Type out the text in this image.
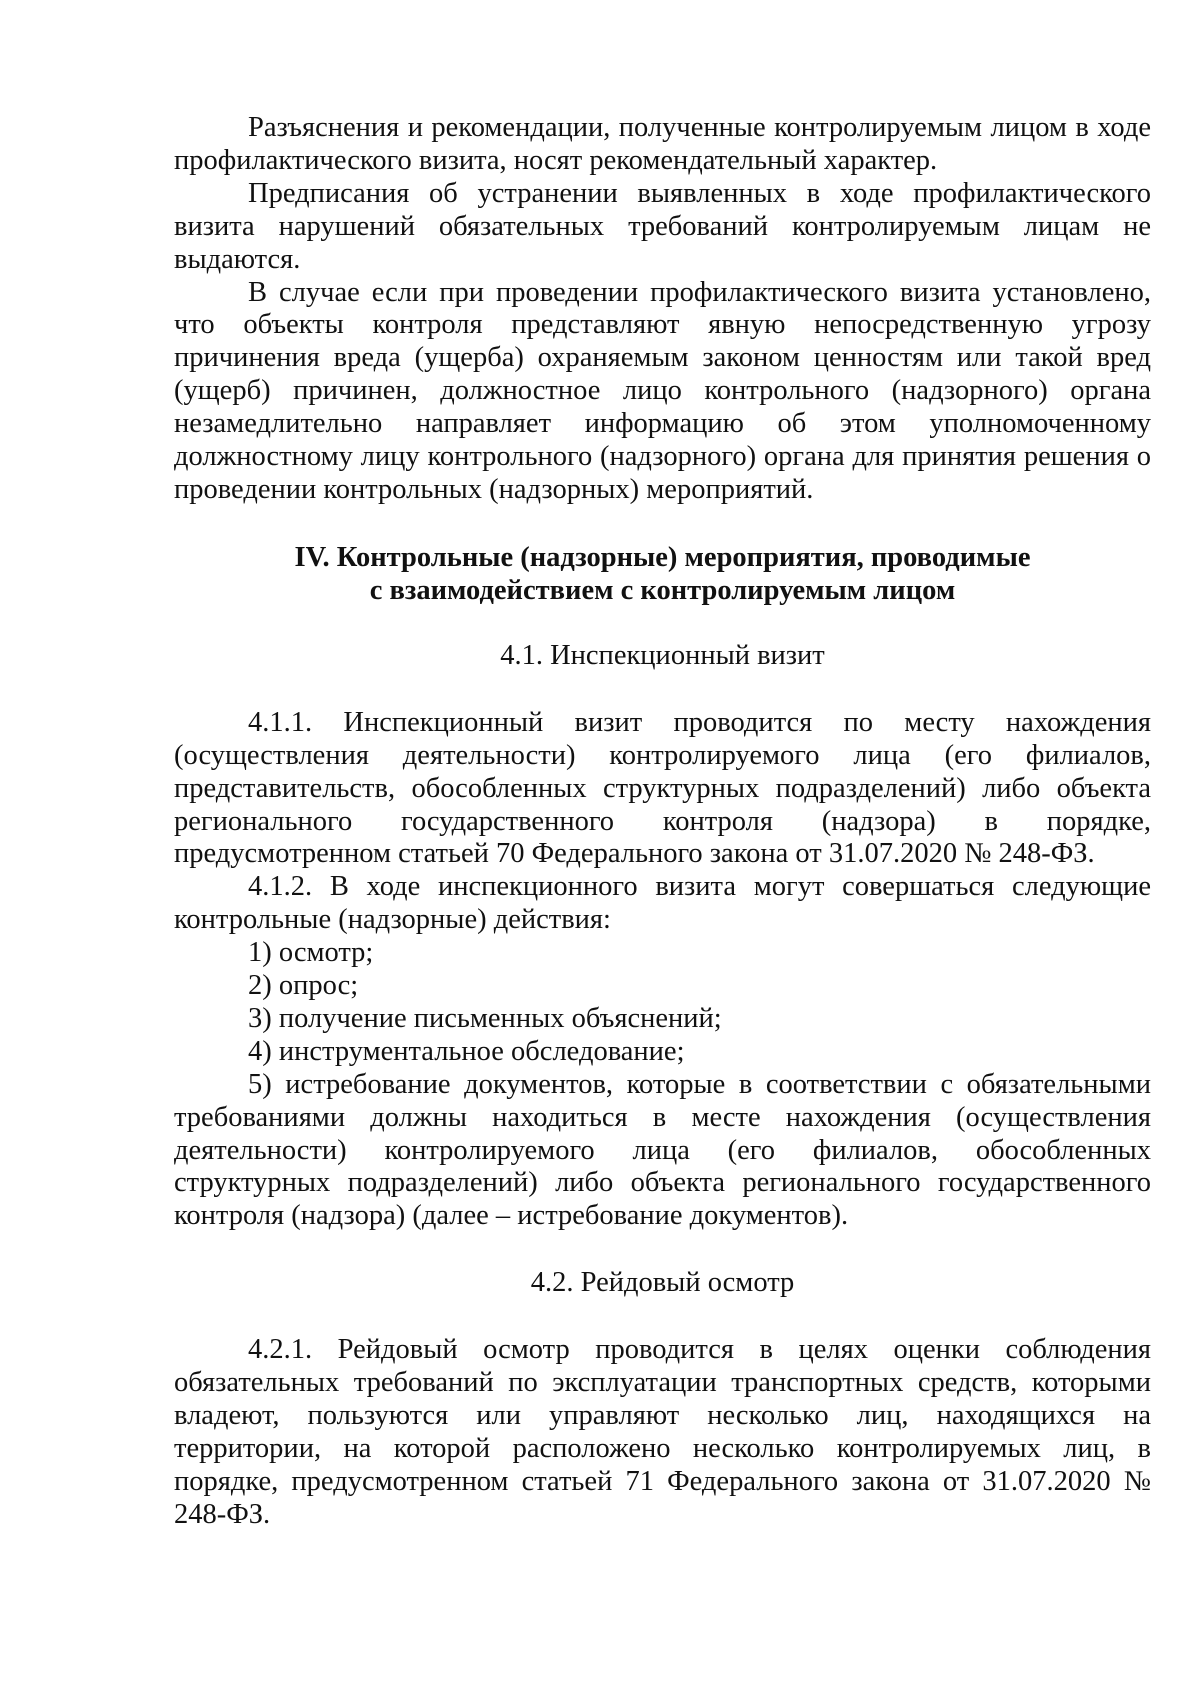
Разъяснения и рекомендации, полученные контролируемым лицом в ходе профилактического визита, носят рекомендательный характер.

Предписания об устранении выявленных в ходе профилактического визита нарушений обязательных требований контролируемым лицам не выдаются.

В случае если при проведении профилактического визита установлено, что объекты контроля представляют явную непосредственную угрозу причинения вреда (ущерба) охраняемым законом ценностям или такой вред (ущерб) причинен, должностное лицо контрольного (надзорного) органа незамедлительно направляет информацию об этом уполномоченному должностному лицу контрольного (надзорного) органа для принятия решения о проведении контрольных (надзорных) мероприятий.

IV. Контрольные (надзорные) мероприятия, проводимые

с взаимодействием с контролируемым лицом

4.1. Инспекционный визит

4.1.1. Инспекционный визит проводится по месту нахождения (осуществления деятельности) контролируемого лица (его филиалов, представительств, обособленных структурных подразделений) либо объекта регионального государственного контроля (надзора) в порядке, предусмотренном статьей 70 Федерального закона от 31.07.2020 № 248-ФЗ.

4.1.2. В ходе инспекционного визита могут совершаться следующие контрольные (надзорные) действия:

1) осмотр;

2) опрос;

3) получение письменных объяснений;

4) инструментальное обследование;

5) истребование документов, которые в соответствии с обязательными требованиями должны находиться в месте нахождения (осуществления деятельности) контролируемого лица (его филиалов, обособленных структурных подразделений) либо объекта регионального государственного контроля (надзора) (далее – истребование документов).

4.2. Рейдовый осмотр

4.2.1. Рейдовый осмотр проводится в целях оценки соблюдения обязательных требований по эксплуатации транспортных средств, которыми владеют, пользуются или управляют несколько лиц, находящихся на территории, на которой расположено несколько контролируемых лиц, в порядке, предусмотренном статьей 71 Федерального закона от 31.07.2020 № 248-ФЗ.
